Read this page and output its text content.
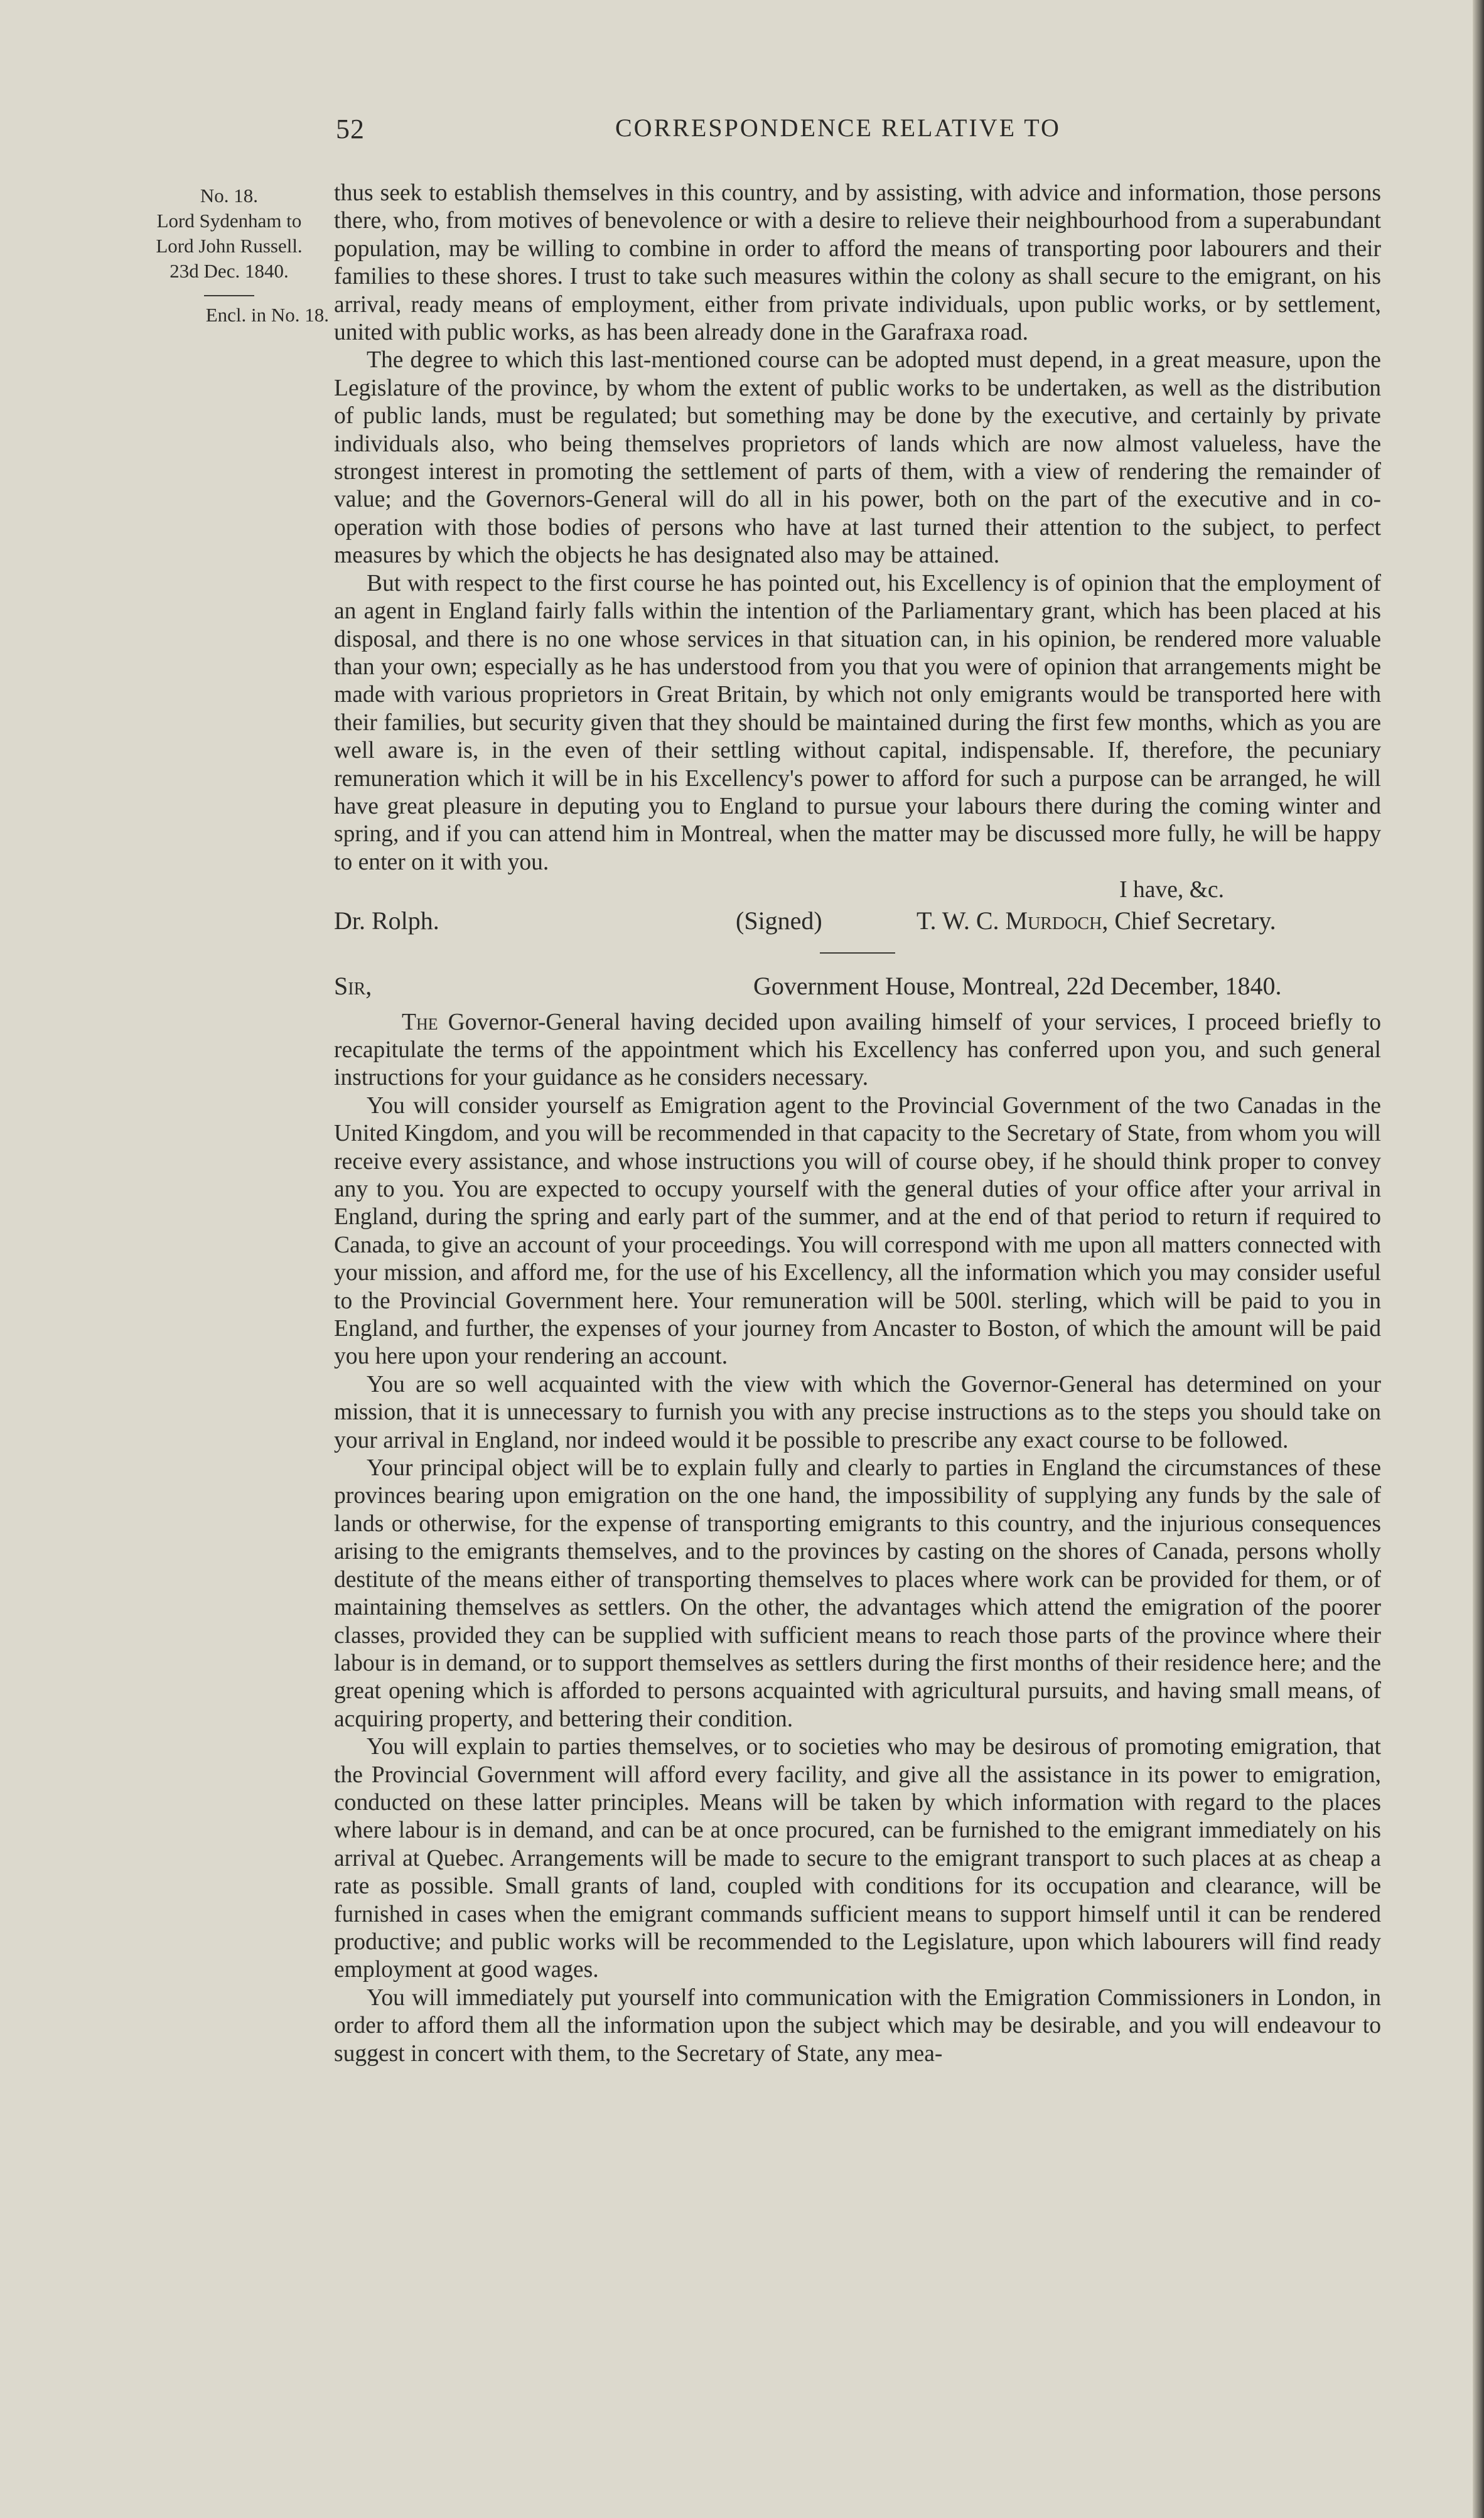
52	CORRESPONDENCE RELATIVE TO
No. 18.
Lord Sydenham to
Lord John Russell.
23d Dec. 1840.
Encl. in No. 18.

thus seek to establish themselves in this country, and by assisting, with advice and information, those persons there, who, from motives of benevolence or with a desire to relieve their neighbourhood from a superabundant population, may be willing to combine in order to afford the means of transporting poor labourers and their families to these shores. I trust to take such measures within the colony as shall secure to the emigrant, on his arrival, ready means of employment, either from private individuals, upon public works, or by settlement, united with public works, as has been already done in the Garafraxa road.

The degree to which this last-mentioned course can be adopted must depend, in a great measure, upon the Legislature of the province, by whom the extent of public works to be undertaken, as well as the distribution of public lands, must be regulated; but something may be done by the executive, and certainly by private individuals also, who being themselves proprietors of lands which are now almost valueless, have the strongest interest in promoting the settlement of parts of them, with a view of rendering the remainder of value; and the Governors-General will do all in his power, both on the part of the executive and in co-operation with those bodies of persons who have at last turned their attention to the subject, to perfect measures by which the objects he has designated also may be attained.

But with respect to the first course he has pointed out, his Excellency is of opinion that the employment of an agent in England fairly falls within the intention of the Parliamentary grant, which has been placed at his disposal, and there is no one whose services in that situation can, in his opinion, be rendered more valuable than your own; especially as he has understood from you that you were of opinion that arrangements might be made with various proprietors in Great Britain, by which not only emigrants would be transported here with their families, but security given that they should be maintained during the first few months, which as you are well aware is, in the even of their settling without capital, indispensable. If, therefore, the pecuniary remuneration which it will be in his Excellency's power to afford for such a purpose can be arranged, he will have great pleasure in deputing you to England to pursue your labours there during the coming winter and spring, and if you can attend him in Montreal, when the matter may be discussed more fully, he will be happy to enter on it with you.

I have, &c.
Dr. Rolph.	(Signed)	T. W. C. Murdoch, Chief Secretary.
Sir,	Government House, Montreal, 22d December, 1840.

The Governor-General having decided upon availing himself of your services, I proceed briefly to recapitulate the terms of the appointment which his Excellency has conferred upon you, and such general instructions for your guidance as he considers necessary.

You will consider yourself as Emigration agent to the Provincial Government of the two Canadas in the United Kingdom, and you will be recommended in that capacity to the Secretary of State, from whom you will receive every assistance, and whose instructions you will of course obey, if he should think proper to convey any to you. You are expected to occupy yourself with the general duties of your office after your arrival in England, during the spring and early part of the summer, and at the end of that period to return if required to Canada, to give an account of your proceedings. You will correspond with me upon all matters connected with your mission, and afford me, for the use of his Excellency, all the information which you may consider useful to the Provincial Government here. Your remuneration will be 500l. sterling, which will be paid to you in England, and further, the expenses of your journey from Ancaster to Boston, of which the amount will be paid you here upon your rendering an account.

You are so well acquainted with the view with which the Governor-General has determined on your mission, that it is unnecessary to furnish you with any precise instructions as to the steps you should take on your arrival in England, nor indeed would it be possible to prescribe any exact course to be followed.

Your principal object will be to explain fully and clearly to parties in England the circumstances of these provinces bearing upon emigration on the one hand, the impossibility of supplying any funds by the sale of lands or otherwise, for the expense of transporting emigrants to this country, and the injurious consequences arising to the emigrants themselves, and to the provinces by casting on the shores of Canada, persons wholly destitute of the means either of transporting themselves to places where work can be provided for them, or of maintaining themselves as settlers. On the other, the advantages which attend the emigration of the poorer classes, provided they can be supplied with sufficient means to reach those parts of the province where their labour is in demand, or to support themselves as settlers during the first months of their residence here; and the great opening which is afforded to persons acquainted with agricultural pursuits, and having small means, of acquiring property, and bettering their condition.

You will explain to parties themselves, or to societies who may be desirous of promoting emigration, that the Provincial Government will afford every facility, and give all the assistance in its power to emigration, conducted on these latter principles. Means will be taken by which information with regard to the places where labour is in demand, and can be at once procured, can be furnished to the emigrant immediately on his arrival at Quebec. Arrangements will be made to secure to the emigrant transport to such places at as cheap a rate as possible. Small grants of land, coupled with conditions for its occupation and clearance, will be furnished in cases when the emigrant commands sufficient means to support himself until it can be rendered productive; and public works will be recommended to the Legislature, upon which labourers will find ready employment at good wages.

You will immediately put yourself into communication with the Emigration Commissioners in London, in order to afford them all the information upon the subject which may be desirable, and you will endeavour to suggest in concert with them, to the Secretary of State, any mea-
